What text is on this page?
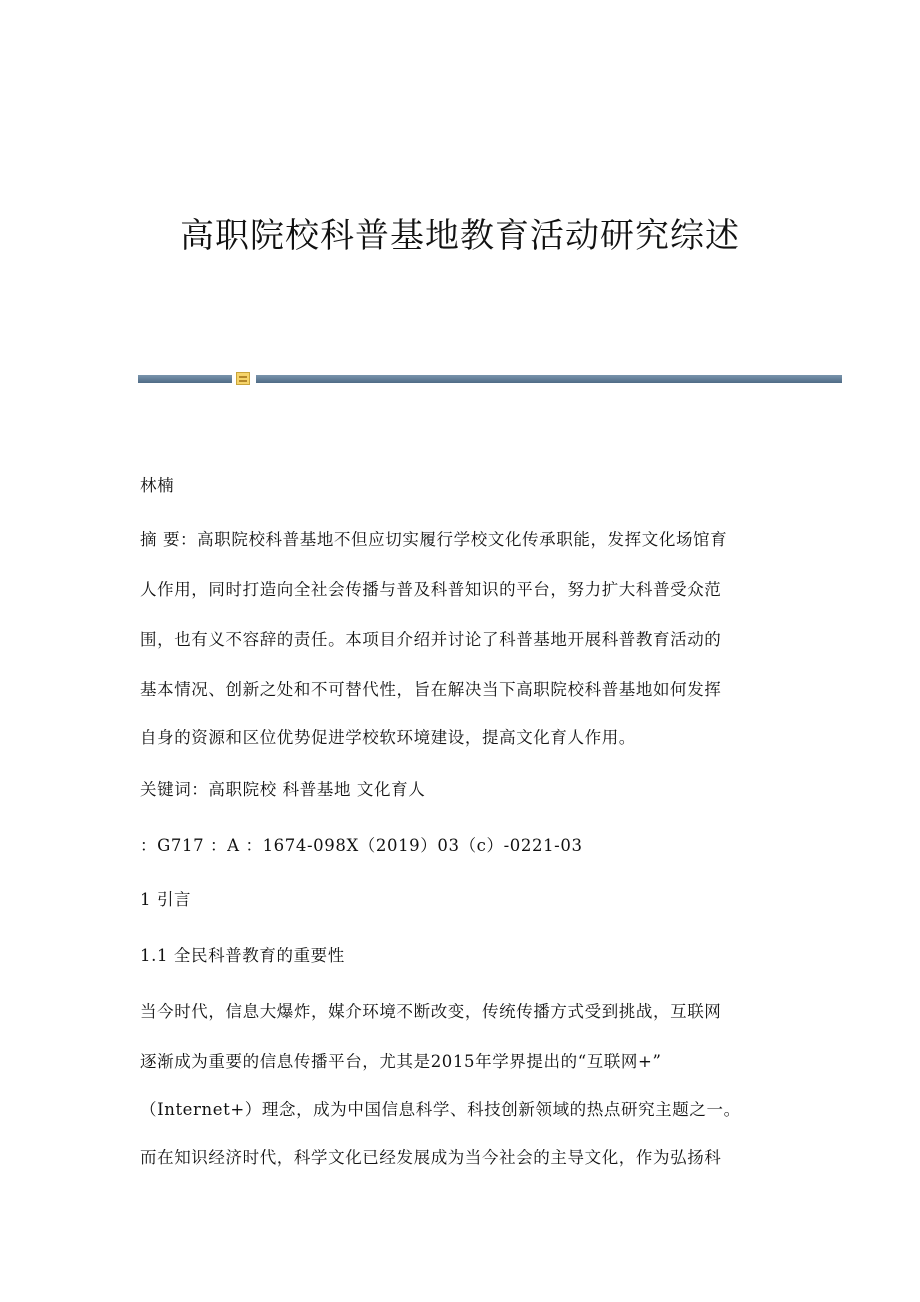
高职院校科普基地教育活动研究综述
林楠
摘 要：高职院校科普基地不但应切实履行学校文化传承职能，发挥文化场馆育
人作用，同时打造向全社会传播与普及科普知识的平台，努力扩大科普受众范
围，也有义不容辞的责任。本项目介绍并讨论了科普基地开展科普教育活动的
基本情况、创新之处和不可替代性，旨在解决当下高职院校科普基地如何发挥
自身的资源和区位优势促进学校软环境建设，提高文化育人作用。
关键词：高职院校 科普基地 文化育人
：G717 ：A ：1674-098X（2019）03（c）-0221-03
1 引言
1.1 全民科普教育的重要性
当今时代，信息大爆炸，媒介环境不断改变，传统传播方式受到挑战，互联网
逐渐成为重要的信息传播平台，尤其是2015年学界提出的“互联网+”
（Internet+）理念，成为中国信息科学、科技创新领域的热点研究主题之一。
而在知识经济时代，科学文化已经发展成为当今社会的主导文化，作为弘扬科
